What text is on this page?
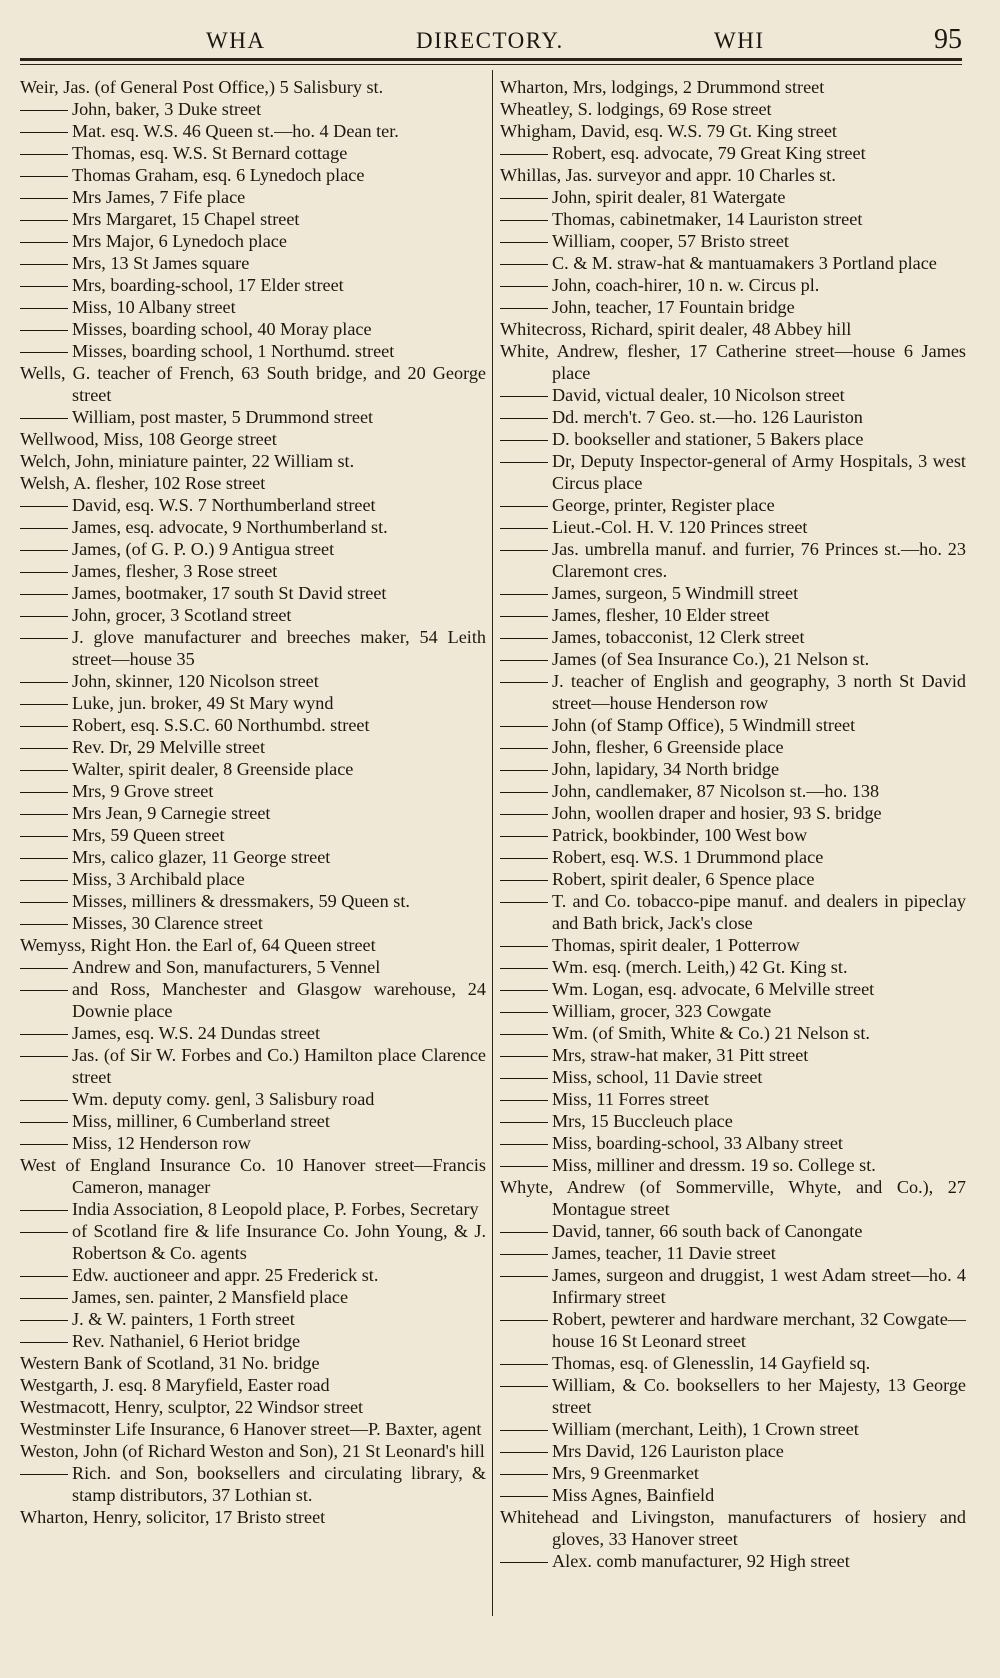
WHA	DIRECTORY.	WHI	95
Weir, Jas. (of General Post Office,) 5 Salisbury st.
John, baker, 3 Duke street
Mat. esq. W.S. 46 Queen st.—ho. 4 Dean ter.
Thomas, esq. W.S. St Bernard cottage
Thomas Graham, esq. 6 Lynedoch place
Mrs James, 7 Fife place
Mrs Margaret, 15 Chapel street
Mrs Major, 6 Lynedoch place
Mrs, 13 St James square
Mrs, boarding-school, 17 Elder street
Miss, 10 Albany street
Misses, boarding school, 40 Moray place
Misses, boarding school, 1 Northumd. street
Wells, G. teacher of French, 63 South bridge, and 20 George street
William, post master, 5 Drummond street
Wellwood, Miss, 108 George street
Welch, John, miniature painter, 22 William st.
Welsh, A. flesher, 102 Rose street
David, esq. W.S. 7 Northumberland street
James, esq. advocate, 9 Northumberland st.
James, (of G. P. O.) 9 Antigua street
James, flesher, 3 Rose street
James, bootmaker, 17 south St David street
John, grocer, 3 Scotland street
J. glove manufacturer and breeches maker, 54 Leith street—house 35
John, skinner, 120 Nicolson street
Luke, jun. broker, 49 St Mary wynd
Robert, esq. S.S.C. 60 Northumbd. street
Rev. Dr, 29 Melville street
Walter, spirit dealer, 8 Greenside place
Mrs, 9 Grove street
Mrs Jean, 9 Carnegie street
Mrs, 59 Queen street
Mrs, calico glazer, 11 George street
Miss, 3 Archibald place
Misses, milliners & dressmakers, 59 Queen st.
Misses, 30 Clarence street
Wemyss, Right Hon. the Earl of, 64 Queen street
Andrew and Son, manufacturers, 5 Vennel
and Ross, Manchester and Glasgow warehouse, 24 Downie place
James, esq. W.S. 24 Dundas street
Jas. (of Sir W. Forbes and Co.) Hamilton place Clarence street
Wm. deputy comy. genl, 3 Salisbury road
Miss, milliner, 6 Cumberland street
Miss, 12 Henderson row
West of England Insurance Co. 10 Hanover street—Francis Cameron, manager
India Association, 8 Leopold place, P. Forbes, Secretary
of Scotland fire & life Insurance Co. John Young, & J. Robertson & Co. agents
Edw. auctioneer and appr. 25 Frederick st.
James, sen. painter, 2 Mansfield place
J. & W. painters, 1 Forth street
Rev. Nathaniel, 6 Heriot bridge
Western Bank of Scotland, 31 No. bridge
Westgarth, J. esq. 8 Maryfield, Easter road
Westmacott, Henry, sculptor, 22 Windsor street
Westminster Life Insurance, 6 Hanover street—P. Baxter, agent
Weston, John (of Richard Weston and Son), 21 St Leonard's hill
Rich. and Son, booksellers and circulating library, & stamp distributors, 37 Lothian st.
Wharton, Henry, solicitor, 17 Bristo street
Wharton, Mrs, lodgings, 2 Drummond street
Wheatley, S. lodgings, 69 Rose street
Whigham, David, esq. W.S. 79 Gt. King street
Robert, esq. advocate, 79 Great King street
Whillas, Jas. surveyor and appr. 10 Charles st.
John, spirit dealer, 81 Watergate
Thomas, cabinetmaker, 14 Lauriston street
William, cooper, 57 Bristo street
C. & M. straw-hat & mantuamakers 3 Portland place
John, coach-hirer, 10 n. w. Circus pl.
John, teacher, 17 Fountain bridge
Whitecross, Richard, spirit dealer, 48 Abbey hill
White, Andrew, flesher, 17 Catherine street—house 6 James place
David, victual dealer, 10 Nicolson street
Dd. merch't. 7 Geo. st.—ho. 126 Lauriston
D. bookseller and stationer, 5 Bakers place
Dr, Deputy Inspector-general of Army Hospitals, 3 west Circus place
George, printer, Register place
Lieut.-Col. H. V. 120 Princes street
Jas. umbrella manuf. and furrier, 76 Princes st.—ho. 23 Claremont cres.
James, surgeon, 5 Windmill street
James, flesher, 10 Elder street
James, tobacconist, 12 Clerk street
James (of Sea Insurance Co.), 21 Nelson st.
J. teacher of English and geography, 3 north St David street—house Henderson row
John (of Stamp Office), 5 Windmill street
John, flesher, 6 Greenside place
John, lapidary, 34 North bridge
John, candlemaker, 87 Nicolson st.—ho. 138
John, woollen draper and hosier, 93 S. bridge
Patrick, bookbinder, 100 West bow
Robert, esq. W.S. 1 Drummond place
Robert, spirit dealer, 6 Spence place
T. and Co. tobacco-pipe manuf. and dealers in pipeclay and Bath brick, Jack's close
Thomas, spirit dealer, 1 Potterrow
Wm. esq. (merch. Leith,) 42 Gt. King st.
Wm. Logan, esq. advocate, 6 Melville street
William, grocer, 323 Cowgate
Wm. (of Smith, White & Co.) 21 Nelson st.
Mrs, straw-hat maker, 31 Pitt street
Miss, school, 11 Davie street
Miss, 11 Forres street
Mrs, 15 Buccleuch place
Miss, boarding-school, 33 Albany street
Miss, milliner and dressm. 19 so. College st.
Whyte, Andrew (of Sommerville, Whyte, and Co.), 27 Montague street
David, tanner, 66 south back of Canongate
James, teacher, 11 Davie street
James, surgeon and druggist, 1 west Adam street—ho. 4 Infirmary street
Robert, pewterer and hardware merchant, 32 Cowgate—house 16 St Leonard street
Thomas, esq. of Glenesslin, 14 Gayfield sq.
William, & Co. booksellers to her Majesty, 13 George street
William (merchant, Leith), 1 Crown street
Mrs David, 126 Lauriston place
Mrs, 9 Greenmarket
Miss Agnes, Bainfield
Whitehead and Livingston, manufacturers of hosiery and gloves, 33 Hanover street
Alex. comb manufacturer, 92 High street
